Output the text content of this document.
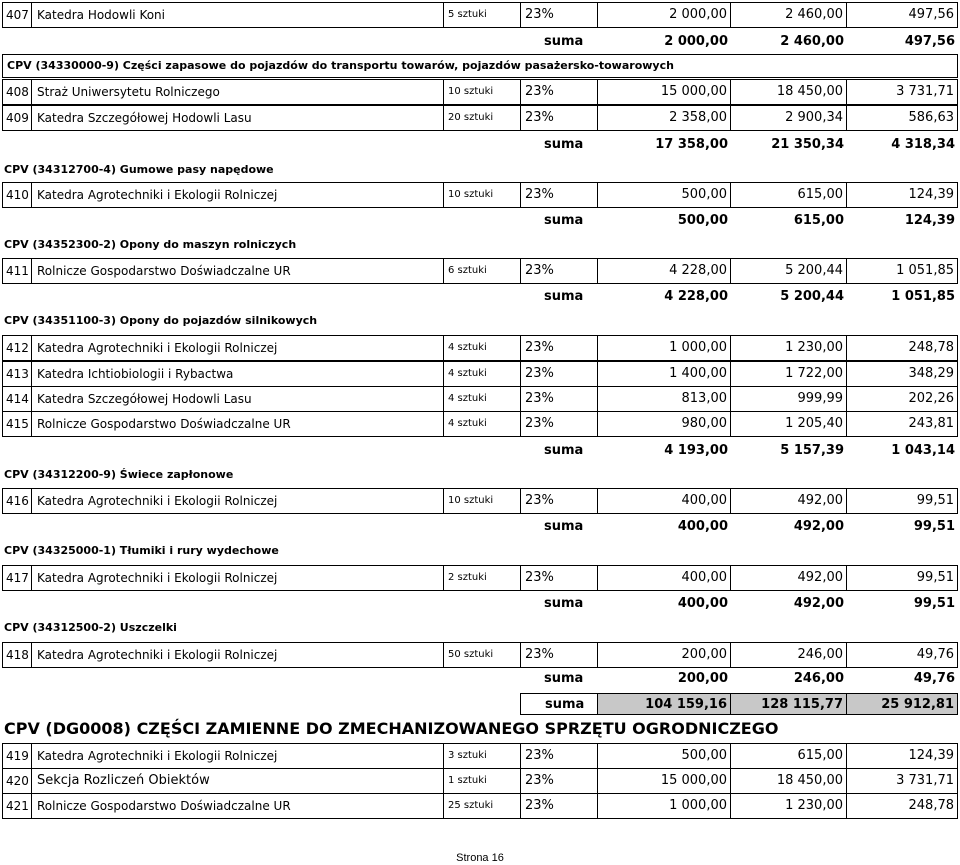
407 Katedra Hodowli Koni	5 sztuki	23%	2 000,00	2 460,00	497,56
suma	2 000,00	2 460,00	497,56
CPV (34330000-9) Części zapasowe do pojazdów do transportu towarów, pojazdów pasażersko-towarowych
408 Straż Uniwersytetu Rolniczego	10 sztuki	23%	15 000,00	18 450,00	3 731,71
409 Katedra Szczegółowej Hodowli Lasu	20 sztuki	23%	2 358,00	2 900,34	586,63
suma	17 358,00	21 350,34	4 318,34
CPV (34312700-4) Gumowe pasy napędowe
410 Katedra Agrotechniki i Ekologii Rolniczej	10 sztuki	23%	500,00	615,00	124,39
suma	500,00	615,00	124,39
CPV (34352300-2) Opony do maszyn rolniczych
411 Rolnicze Gospodarstwo Doświadczalne UR	6 sztuki	23%	4 228,00	5 200,44	1 051,85
suma	4 228,00	5 200,44	1 051,85
CPV (34351100-3) Opony do pojazdów silnikowych
412 Katedra Agrotechniki i Ekologii Rolniczej	4 sztuki	23%	1 000,00	1 230,00	248,78
413 Katedra Ichtiobiologii i Rybactwa	4 sztuki	23%	1 400,00	1 722,00	348,29
414 Katedra Szczegółowej Hodowli Lasu	4 sztuki	23%	813,00	999,99	202,26
415 Rolnicze Gospodarstwo Doświadczalne UR	4 sztuki	23%	980,00	1 205,40	243,81
suma	4 193,00	5 157,39	1 043,14
CPV (34312200-9) Świece zapłonowe
416 Katedra Agrotechniki i Ekologii Rolniczej	10 sztuki	23%	400,00	492,00	99,51
suma	400,00	492,00	99,51
CPV (34325000-1) Tłumiki i rury wydechowe
417 Katedra Agrotechniki i Ekologii Rolniczej	2 sztuki	23%	400,00	492,00	99,51
suma	400,00	492,00	99,51
CPV (34312500-2) Uszczelki
418 Katedra Agrotechniki i Ekologii Rolniczej	50 sztuki	23%	200,00	246,00	49,76
suma	200,00	246,00	49,76
suma	104 159,16	128 115,77	25 912,81
CPV (DG0008) CZĘŚCI ZAMIENNE DO ZMECHANIZOWANEGO SPRZĘTU OGRODNICZEGO
419 Katedra Agrotechniki i Ekologii Rolniczej	3 sztuki	23%	500,00	615,00	124,39
420 Sekcja Rozliczeń Obiektów	1 sztuki	23%	15 000,00	18 450,00	3 731,71
421 Rolnicze Gospodarstwo Doświadczalne UR	25 sztuki	23%	1 000,00	1 230,00	248,78
Strona 16
